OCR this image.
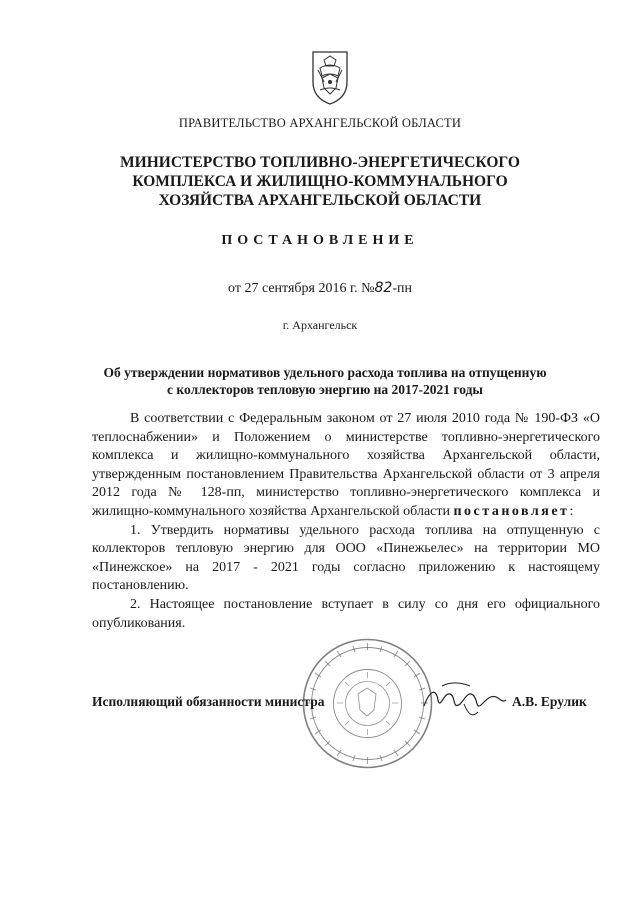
ПРАВИТЕЛЬСТВО АРХАНГЕЛЬСКОЙ ОБЛАСТИ
МИНИСТЕРСТВО ТОПЛИВНО-ЭНЕРГЕТИЧЕСКОГО
КОМПЛЕКСА И ЖИЛИЩНО-КОММУНАЛЬНОГО
ХОЗЯЙСТВА АРХАНГЕЛЬСКОЙ ОБЛАСТИ
ПОСТАНОВЛЕНИЕ
от 27 сентября 2016 г. №82-пн
г. Архангельск
Об утверждении нормативов удельного расхода топлива на отпущенную
с коллекторов тепловую энергию на 2017-2021 годы

В соответствии с Федеральным законом от 27 июля 2010 года № 190-ФЗ «О теплоснабжении» и Положением о министерстве топливно-энергетического комплекса и жилищно-коммунального хозяйства Архангельской области, утвержденным постановлением Правительства Архангельской области от 3 апреля 2012 года № 128-пп, министерство топливно-энергетического комплекса и жилищно-коммунального хозяйства Архангельской области постановляет:

1. Утвердить нормативы удельного расхода топлива на отпущенную с коллекторов тепловую энергию для ООО «Пинежьелес» на территории МО «Пинежское» на 2017 - 2021 годы согласно приложению к настоящему постановлению.

2. Настоящее постановление вступает в силу со дня его официального опубликования.

Исполняющий обязанности министра	А.В. Ерулик
